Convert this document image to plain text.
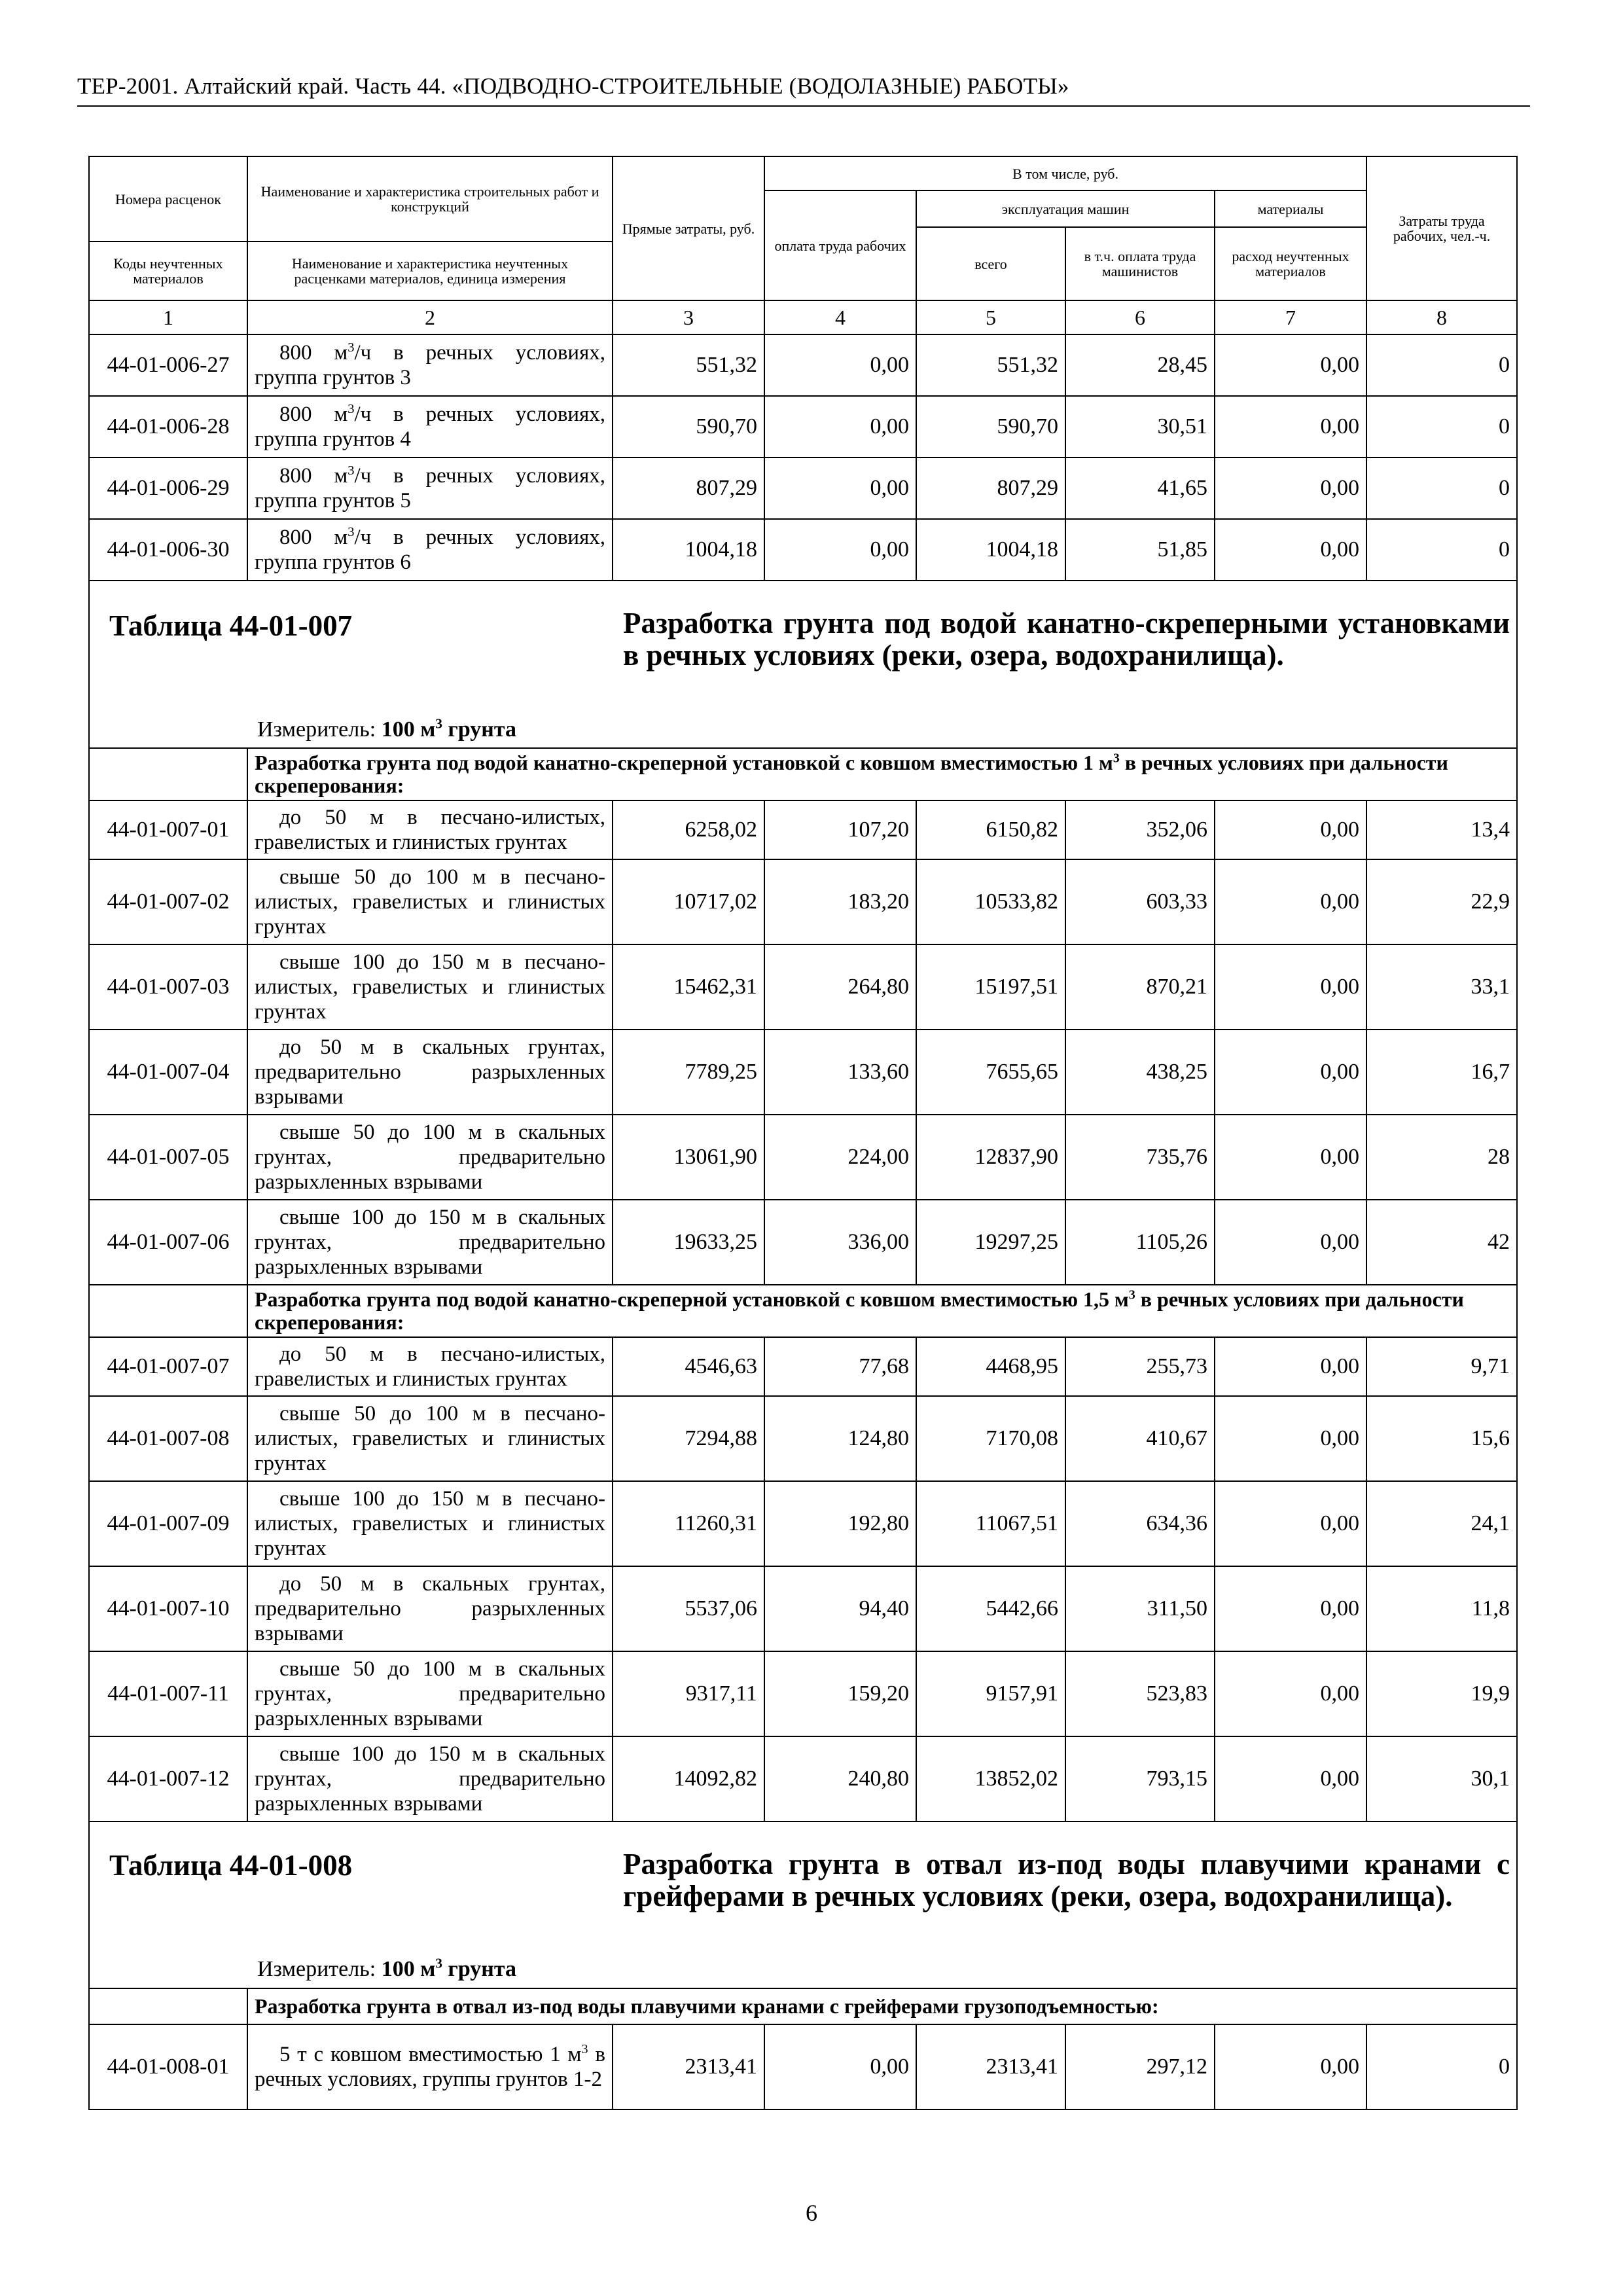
ТЕР-2001. Алтайский край. Часть 44. «ПОДВОДНО-СТРОИТЕЛЬНЫЕ (ВОДОЛАЗНЫЕ) РАБОТЫ»
Номера расценок	Наименование и характеристика строительных работ и конструкций	Прямые затраты, руб.	В том числе, руб.				Затраты труда рабочих, чел.-ч.
			оплата труда рабочих	эксплуатация машин		материалы	
				всего	в т.ч. оплата труда машинистов	расход неучтенных материалов	
Коды неучтенных материалов	Наименование и характеристика неучтенных расценками материалов, единица измерения						
1	2	3	4	5	6	7	8
44-01-006-27	800 $м^3/ч$ в речных условиях, группа грунтов 3	551,32	0,00	551,32	28,45	0,00	0
44-01-006-28	800 $м^3/ч$ в речных условиях, группа грунтов 4	590,70	0,00	590,70	30,51	0,00	0
44-01-006-29	800 $м^3/ч$ в речных условиях, группа грунтов 5	807,29	0,00	807,29	41,65	0,00	0
44-01-006-30	800 $м^3/ч$ в речных условиях, группа грунтов 6	1004,18	0,00	1004,18	51,85	0,00	0

Таблица 44-01-007 Разработка грунта под водой канатно-скреперными установками в речных условиях (реки, озера, водохранилища).
Измеритель: 100 $м^3$ грунта							

	Разработка грунта под водой канатно-скреперной установкой с ковшом вместимостью 1 $м^3$ в речных условиях при дальности скреперования:						
44-01-007-01	до 50 м в песчано-илистых, гравелистых и глинистых грунтах	6258,02	107,20	6150,82	352,06	0,00	13,4
44-01-007-02	свыше 50 до 100 м в песчано-илистых, гравелистых и глинистых грунтах	10717,02	183,20	10533,82	603,33	0,00	22,9
44-01-007-03	свыше 100 до 150 м в песчано-илистых, гравелистых и глинистых грунтах	15462,31	264,80	15197,51	870,21	0,00	33,1
44-01-007-04	до 50 м в скальных грунтах, предварительно разрыхленных взрывами	7789,25	133,60	7655,65	438,25	0,00	16,7
44-01-007-05	свыше 50 до 100 м в скальных грунтах, предварительно разрыхленных взрывами	13061,90	224,00	12837,90	735,76	0,00	28
44-01-007-06	свыше 100 до 150 м в скальных грунтах, предварительно разрыхленных взрывами	19633,25	336,00	19297,25	1105,26	0,00	42
	Разработка грунта под водой канатно-скреперной установкой с ковшом вместимостью 1,5 $м^3$ в речных условиях при дальности скреперования:						
44-01-007-07	до 50 м в песчано-илистых, гравелистых и глинистых грунтах	4546,63	77,68	4468,95	255,73	0,00	9,71
44-01-007-08	свыше 50 до 100 м в песчано-илистых, гравелистых и глинистых грунтах	7294,88	124,80	7170,08	410,67	0,00	15,6
44-01-007-09	свыше 100 до 150 м в песчано-илистых, гравелистых и глинистых грунтах	11260,31	192,80	11067,51	634,36	0,00	24,1
44-01-007-10	до 50 м в скальных грунтах, предварительно разрыхленных взрывами	5537,06	94,40	5442,66	311,50	0,00	11,8
44-01-007-11	свыше 50 до 100 м в скальных грунтах, предварительно разрыхленных взрывами	9317,11	159,20	9157,91	523,83	0,00	19,9
44-01-007-12	свыше 100 до 150 м в скальных грунтах, предварительно разрыхленных взрывами	14092,82	240,80	13852,02	793,15	0,00	30,1

Таблица 44-01-008 Разработка грунта в отвал из-под воды плавучими кранами с грейферами в речных условиях (реки, озера, водохранилища).
Измеритель: 100 $м^3$ грунта							

	Разработка грунта в отвал из-под воды плавучими кранами с грейферами грузоподъемностью:						
44-01-008-01	5 т с ковшом вместимостью 1 $м^3$ в речных условиях, группы грунтов 1-2	2313,41	0,00	2313,41	297,12	0,00	0
6
